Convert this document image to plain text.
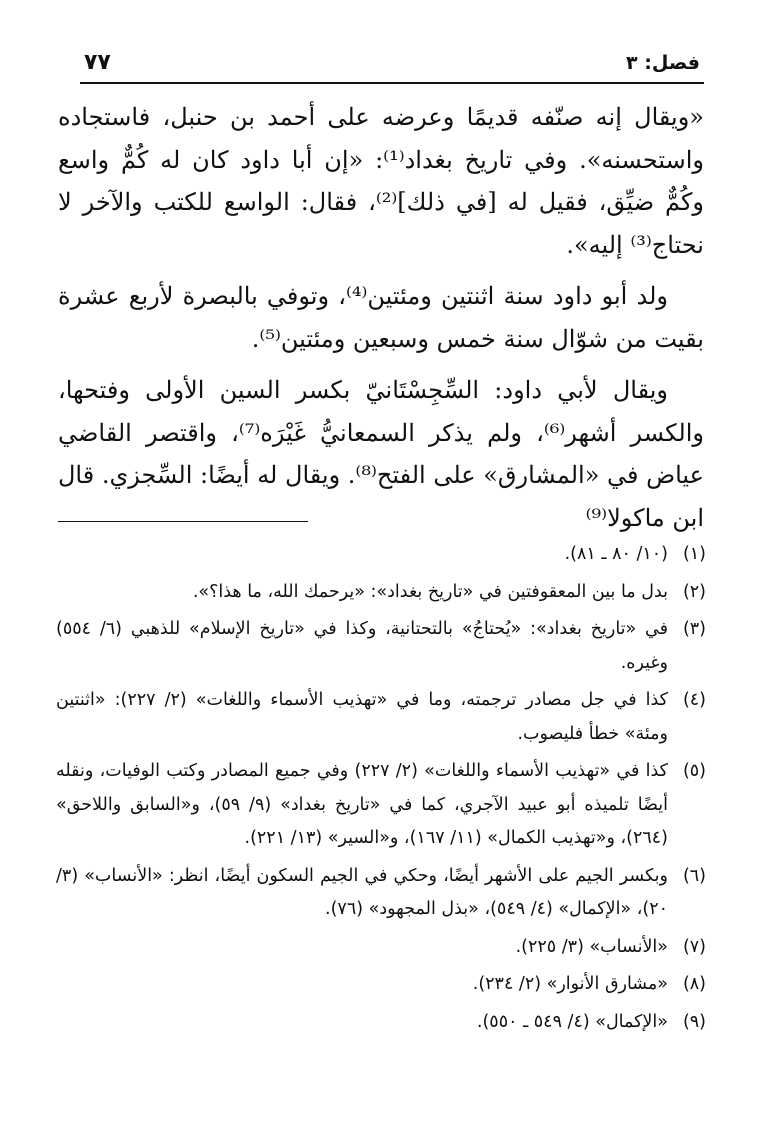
فصل: ٣
٧٧

«ويقال إنه صنّفه قديمًا وعرضه على أحمد بن حنبل، فاستجاده واستحسنه». وفي تاريخ بغداد⁽¹⁾: «إن أبا داود كان له كُمٌّ واسع وكُمٌّ ضيِّق، فقيل له [في ذلك]⁽²⁾، فقال: الواسع للكتب والآخر لا نحتاج⁽³⁾ إليه».

ولد أبو داود سنة اثنتين ومئتين⁽⁴⁾، وتوفي بالبصرة لأربع عشرة بقيت من شوّال سنة خمس وسبعين ومئتين⁽⁵⁾.

ويقال لأبي داود: السِّجِسْتَانيّ بكسر السين الأولى وفتحها، والكسر أشهر⁽⁶⁾، ولم يذكر السمعانيُّ غَيْرَه⁽⁷⁾، واقتصر القاضي عياض في «المشارق» على الفتح⁽⁸⁾. ويقال له أيضًا: السِّجزي. قال ابن ماكولا⁽⁹⁾

(١)
(١٠/ ٨٠ ـ ٨١).
(٢)
بدل ما بين المعقوفتين في «تاريخ بغداد»: «يرحمك الله، ما هذا؟».
(٣)
في «تاريخ بغداد»: «يُحتاجُ» بالتحتانية، وكذا في «تاريخ الإسلام» للذهبي (٦/ ٥٥٤) وغيره.
(٤)
كذا في جل مصادر ترجمته، وما في «تهذيب الأسماء واللغات» (٢/ ٢٢٧): «اثنتين ومئة» خطأ فليصوب.
(٥)
كذا في «تهذيب الأسماء واللغات» (٢/ ٢٢٧) وفي جميع المصادر وكتب الوفيات، ونقله أيضًا تلميذه أبو عبيد الآجري، كما في «تاريخ بغداد» (٩/ ٥٩)، و«السابق واللاحق» (٢٦٤)، و«تهذيب الكمال» (١١/ ١٦٧)، و«السير» (١٣/ ٢٢١).
(٦)
وبكسر الجيم على الأشهر أيضًا، وحكي في الجيم السكون أيضًا، انظر: «الأنساب» (٣/ ٢٠)، «الإكمال» (٤/ ٥٤٩)، «بذل المجهود» (٧٦).
(٧)
«الأنساب» (٣/ ٢٢٥).
(٨)
«مشارق الأنوار» (٢/ ٢٣٤).
(٩)
«الإكمال» (٤/ ٥٤٩ ـ ٥٥٠).
